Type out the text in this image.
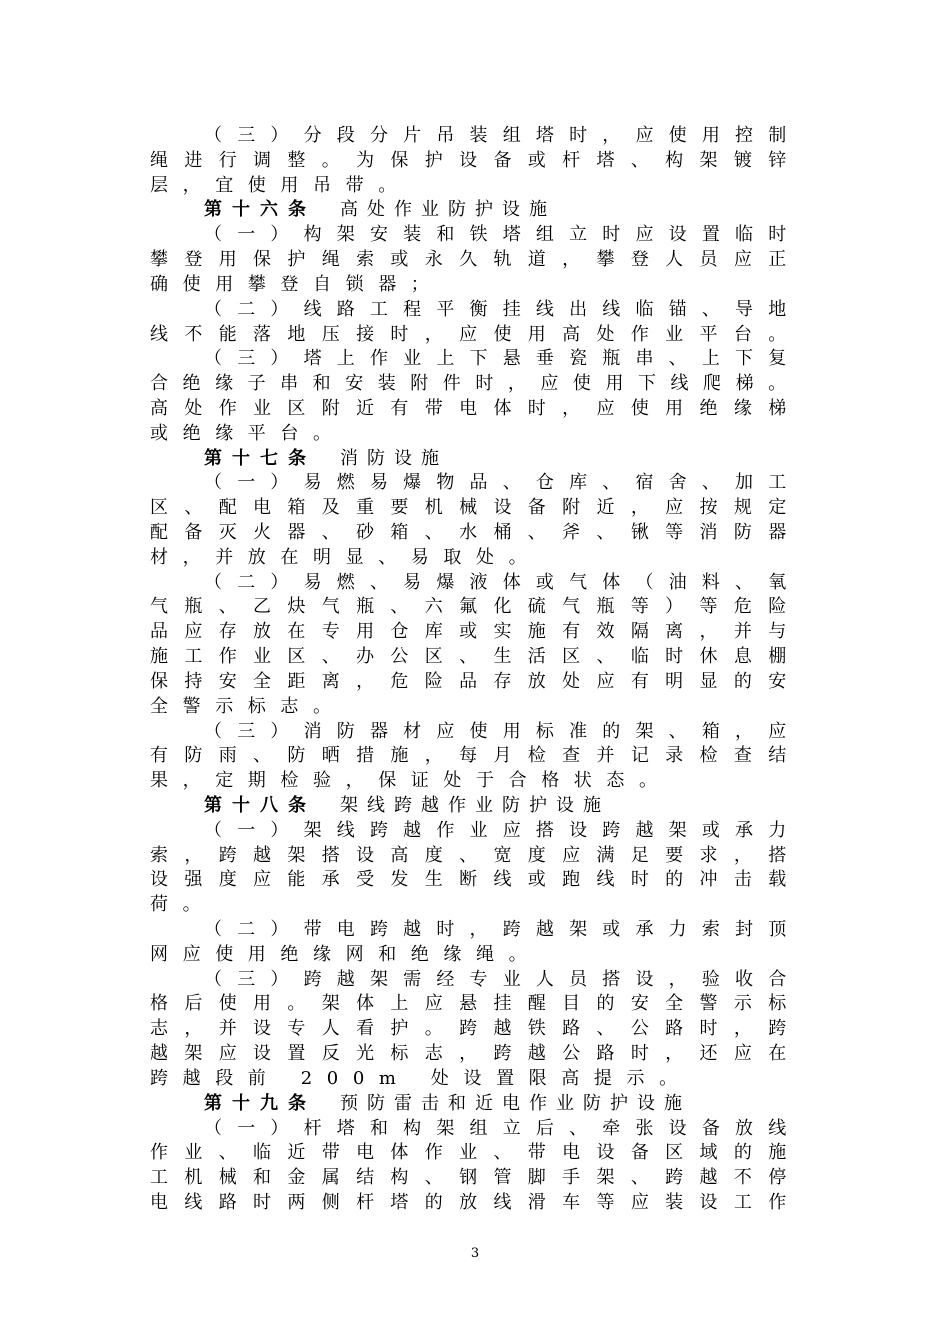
（ 三 ） 分 段 分 片 吊 装 组 塔 时 ， 应 使 用 控 制
绳 进 行 调 整 。 为 保 护 设 备 或 杆 塔 、 构 架 镀 锌
层，宜使用吊带。
第十六条 高处作业防护设施
（ 一 ） 构 架 安 装 和 铁 塔 组 立 时 应 设 置 临 时
攀 登 用 保 护 绳 索 或 永 久 轨 道 ， 攀 登 人 员 应 正
确使用攀登自锁器；
（ 二 ） 线 路 工 程 平 衡 挂 线 出 线 临 锚 、 导 地
线 不 能 落 地 压 接 时 ， 应 使 用 高 处 作 业 平 台 。
（ 三 ） 塔 上 作 业 上 下 悬 垂 瓷 瓶 串 、 上 下 复
合 绝 缘 子 串 和 安 装 附 件 时 ， 应 使 用 下 线 爬 梯 。
高 处 作 业 区 附 近 有 带 电 体 时 ， 应 使 用 绝 缘 梯
或绝缘平台。
第十七条 消防设施
（ 一 ） 易 燃 易 爆 物 品 、 仓 库 、 宿 舍 、 加 工
区 、 配 电 箱 及 重 要 机 械 设 备 附 近 ， 应 按 规 定
配 备 灭 火 器 、 砂 箱 、 水 桶 、 斧 、 锹 等 消 防 器
材，并放在明显、易取处。
（ 二 ） 易 燃 、 易 爆 液 体 或 气 体 （ 油 料 、 氧
气 瓶 、 乙 炔 气 瓶 、 六 氟 化 硫 气 瓶 等 ） 等 危 险
品 应 存 放 在 专 用 仓 库 或 实 施 有 效 隔 离 ， 并 与
施 工 作 业 区 、 办 公 区 、 生 活 区 、 临 时 休 息 棚
保 持 安 全 距 离 ， 危 险 品 存 放 处 应 有 明 显 的 安
全警示标志。
（ 三 ） 消 防 器 材 应 使 用 标 准 的 架 、 箱 ， 应
有 防 雨 、 防 晒 措 施 ， 每 月 检 查 并 记 录 检 查 结
果，定期检验，保证处于合格状态。
第十八条 架线跨越作业防护设施
（ 一 ） 架 线 跨 越 作 业 应 搭 设 跨 越 架 或 承 力
索 ， 跨 越 架 搭 设 高 度 、 宽 度 应 满 足 要 求 ， 搭
设 强 度 应 能 承 受 发 生 断 线 或 跑 线 时 的 冲 击 载
荷。
（ 二 ） 带 电 跨 越 时 ， 跨 越 架 或 承 力 索 封 顶
网应使用绝缘网和绝缘绳。
（ 三 ） 跨 越 架 需 经 专 业 人 员 搭 设 ， 验 收 合
格 后 使 用 。 架 体 上 应 悬 挂 醒 目 的 安 全 警 示 标
志 ， 并 设 专 人 看 护 。 跨 越 铁 路 、 公 路 时 ， 跨
越 架 应 设 置 反 光 标 志 ， 跨 越 公 路 时 ， 还 应 在
跨越段前 200m 处设置限高提示。
第十九条 预防雷击和近电作业防护设施
（ 一 ） 杆 塔 和 构 架 组 立 后 、 牵 张 设 备 放 线
作 业 、 临 近 带 电 体 作 业 、 带 电 设 备 区 域 的 施
工 机 械 和 金 属 结 构 、 钢 管 脚 手 架 、 跨 越 不 停
电 线 路 时 两 侧 杆 塔 的 放 线 滑 车 等 应 装 设 工 作
3
